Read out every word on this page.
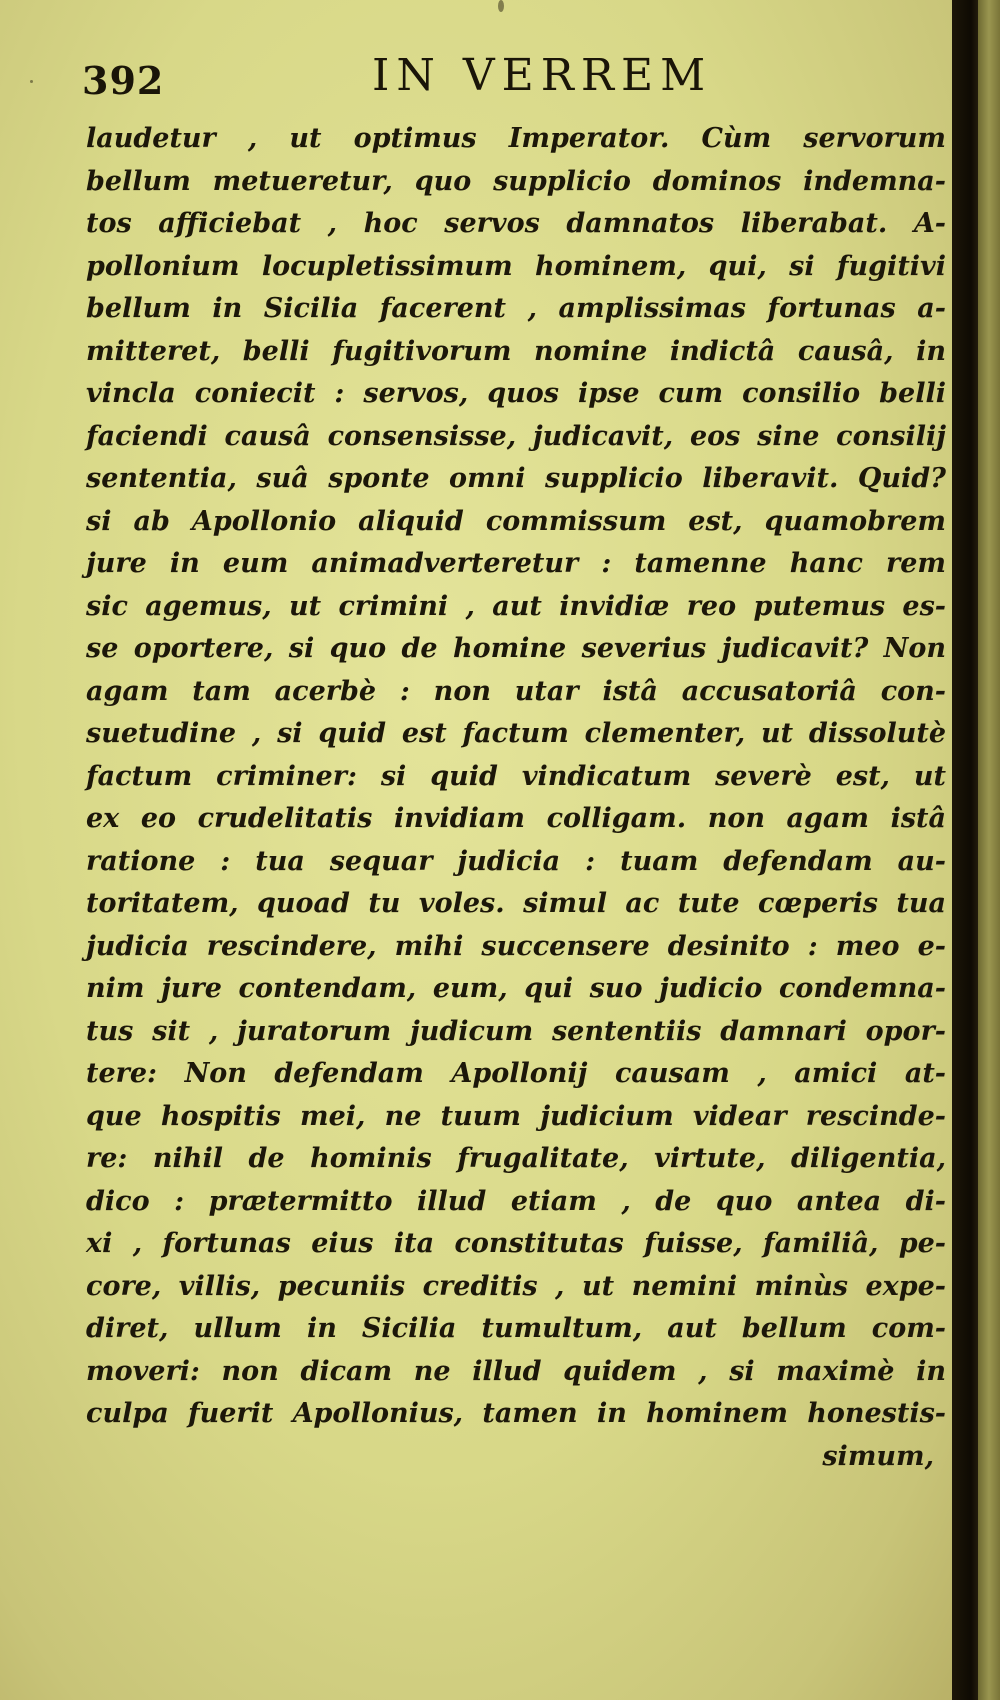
392	IN VERREM
laudetur , ut optimus Imperator. Cùm servorum
bellum metueretur, quo supplicio dominos indemna-
tos afficiebat , hoc servos damnatos liberabat. A-
pollonium locupletissimum hominem, qui, si fugitivi
bellum in Sicilia facerent , amplissimas fortunas a-
mitteret, belli fugitivorum nomine indictâ causâ, in
vincla coniecit : servos, quos ipse cum consilio belli
faciendi causâ consensisse, judicavit, eos sine consilij
sententia, suâ sponte omni supplicio liberavit. Quid?
si ab Apollonio aliquid commissum est, quamobrem
jure in eum animadverteretur : tamenne hanc rem
sic agemus, ut crimini , aut invidiæ reo putemus es-
se oportere, si quo de homine severius judicavit? Non
agam tam acerbè : non utar istâ accusatoriâ con-
suetudine , si quid est factum clementer, ut dissolutè
factum criminer: si quid vindicatum severè est, ut
ex eo crudelitatis invidiam colligam. non agam istâ
ratione : tua sequar judicia : tuam defendam au-
toritatem, quoad tu voles. simul ac tute cœperis tua
judicia rescindere, mihi succensere desinito : meo e-
nim jure contendam, eum, qui suo judicio condemna-
tus sit , juratorum judicum sententiis damnari opor-
tere: Non defendam Apollonij causam , amici at-
que hospitis mei, ne tuum judicium videar rescinde-
re: nihil de hominis frugalitate, virtute, diligentia,
dico : prætermitto illud etiam , de quo antea di-
xi , fortunas eius ita constitutas fuisse, familiâ, pe-
core, villis, pecuniis creditis , ut nemini minùs expe-
diret, ullum in Sicilia tumultum, aut bellum com-
moveri: non dicam ne illud quidem , si maximè in
culpa fuerit Apollonius, tamen in hominem honestis-
simum,
